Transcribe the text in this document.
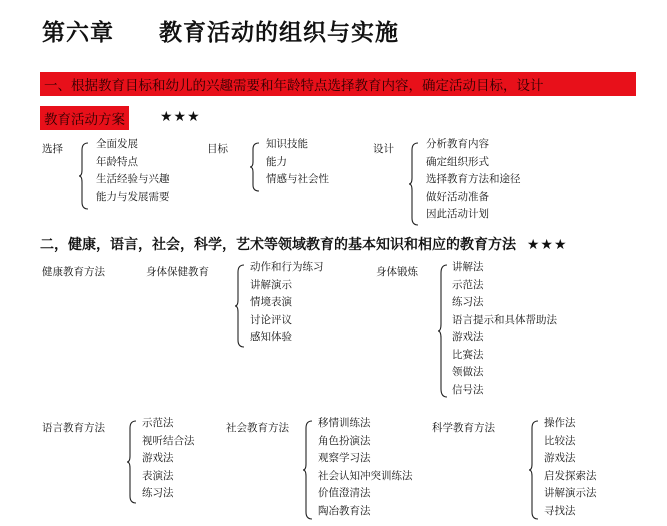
第六章 教育活动的组织与实施
一、根据教育目标和幼儿的兴趣需要和年龄特点选择教育内容，确定活动目标，设计
教育活动方案	★★★
选择	全面发展
年龄特点
生活经验与兴趣
能力与发展需要
目标	知识技能
能力
情感与社会性
设计	分析教育内容
确定组织形式
选择教育方法和途径
做好活动准备
因此活动计划
二，健康，语言，社会，科学，艺术等领域教育的基本知识和相应的教育方法 ★★★
健康教育方法	身体保健教育	动作和行为练习
讲解演示
情境表演
讨论评议
感知体验
身体锻炼	讲解法
示范法
练习法
语言提示和具体帮助法
游戏法
比赛法
领做法
信号法
语言教育方法	示范法
视听结合法
游戏法
表演法
练习法
社会教育方法	移情训练法
角色扮演法
观察学习法
社会认知冲突训练法
价值澄清法
陶冶教育法
科学教育方法	操作法
比较法
游戏法
启发探索法
讲解演示法
寻找法
